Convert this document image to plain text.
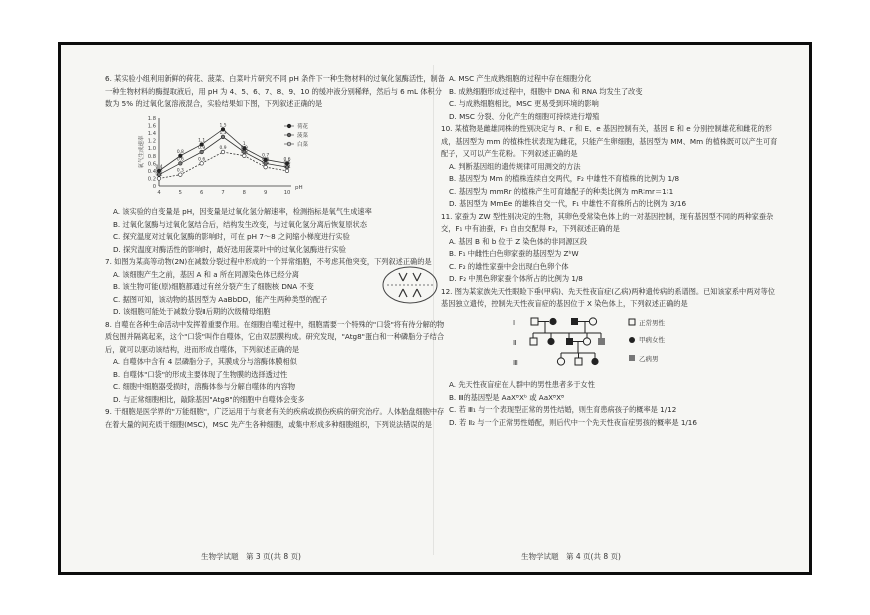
6. 某实验小组利用新鲜的荷花、菠菜、白菜叶片研究不同 pH 条件下一种生物材料的过氧化氢酶活性，制备一种生物材料的酶提取液后，用 pH 为 4、5、6、7、8、9、10 的缓冲液分别稀释，然后与 6 mL 体积分数为 5% 的过氧化氢溶液混合，实验结果如下图，下列叙述正确的是

0
0.2
0.4
0.6
0.8
1.0
1.2
1.4
1.6
1.8
4	5	6	7	8	9	10
pH
氧气生成速率 0.4
0.8
1.1
1.5
1
0.7
0.6
荷花
0.3
0.6
0.9
1.3
0.9
0.6
0.5
菠菜
0.2
0.3
0.6
0.9
0.8
0.5
0.4
白菜

A. 该实验的自变量是 pH，因变量是过氧化氢分解速率，检测指标是氧气生成速率

B. 过氧化氢酶与过氧化氢结合后，结构发生改变，与过氧化氢分离后恢复原状态

C. 探究温度对过氧化氢酶的影响时，可在 pH 7～8 之间缩小梯度进行实验

D. 探究温度对酶活性的影响时，最好选用菠菜叶中的过氧化氢酶进行实验

7. 如图为某高等动物(2N)在减数分裂过程中形成的一个异常细胞，不考虑其他突变，下列叙述正确的是

A. 该细胞产生之前，基因 A 和 a 所在同源染色体已经分离

B. 该生物可能(原)细胞都通过有丝分裂产生了细胞核 DNA 不变

C. 据图可知，该动物的基因型为 AaBbDD，能产生两种类型的配子

D. 该细胞可能处于减数分裂Ⅱ后期的次级精母细胞

8. 自噬在各种生命活动中发挥着重要作用。在细胞自噬过程中，细胞需要一个特殊的"口袋"将有待分解的物质包围并隔离起来，这个"口袋"叫作自噬体，它由双层膜构成。研究发现，"Atg8"蛋白和一种磷脂分子结合后，就可以驱动该结构，进而形成自噬体，下列叙述正确的是

A. 自噬体中含有 4 层磷脂分子，其膜成分与溶酶体膜相似

B. 自噬体"口袋"的形成主要体现了生物膜的选择透过性

C. 细胞中细胞器受损时，溶酶体参与分解自噬体的内容物

D. 与正常细胞相比，敲除基因"Atg8"的细胞中自噬体会变多

9. 干细胞是医学界的"万能细胞"，广泛运用于与衰老有关的疾病或损伤疾病的研究治疗。人体胎盘细胞中存在着大量的间充质干细胞(MSC)，MSC 先产生各种细胞，或集中形成多种细胞组织，下列说法错误的是

A. MSC 产生成熟细胞的过程中存在细胞分化

B. 成熟细胞形成过程中，细胞中 DNA 和 RNA 均发生了改变

C. 与成熟细胞相比，MSC 更易受到环境的影响

D. MSC 分裂、分化产生的细胞可持续进行增殖

10. 某植物是雌雄同株的性别决定与 R、r 和 E、e 基因控制有关，基因 E 和 e 分别控制雄花和雌花的形成，基因型为 mm 的植株性状表现为雌花，只能产生卵细胞，基因型为 MM、Mm 的植株既可以产生可育配子，又可以产生花粉。下列叙述正确的是

A. 判断基因组的遗传规律可用测交的方法

B. 基因型为 Mm 的植株连续自交两代，F₂ 中雄性不育植株的比例为 1/8

C. 基因型为 mmRr 的植株产生可育雄配子的种类比例为 mR∶mr＝1∶1

D. 基因型为 MmEe 的雄株自交一代，F₁ 中雄性不育株所占的比例为 3/16

11. 家蚕为 ZW 型性别决定的生物，其卵色受常染色体上的一对基因控制，现有基因型不同的两种家蚕杂交，F₁ 中有油蚕，F₁ 自由交配得 F₂，下列叙述正确的是

A. 基因 B 和 b 位于 Z 染色体的非同源区段

B. F₁ 中雌性白色卵家蚕的基因型为 ZᵇW

C. F₂ 的雄性家蚕中会出现白色卵个体

D. F₂ 中黑色卵家蚕个体所占的比例为 1/8

12. 图为某家族先天性眼睑下垂(甲病)、先天性夜盲症(乙病)两种遗传病的系谱图。已知该家系中两对等位基因独立遗传，控制先天性夜盲症的基因位于 X 染色体上，下列叙述正确的是

Ⅰ
Ⅱ
Ⅲ
正常男性
甲病女性
乙病男

A. 先天性夜盲症在人群中的男性患者多于女性

B. Ⅲ的基因型是 AaXᴮXᵇ 或 AaXᴮXᴮ

C. 若 Ⅲ₁ 与一个表现型正常的男性结婚，则生育患病孩子的概率是 1/12

D. 若 Ⅱ₂ 与一个正常男性婚配，则后代中一个先天性夜盲症男孩的概率是 1/16

生物学试题　第 3 页(共 8 页)	生物学试题　第 4 页(共 8 页)
